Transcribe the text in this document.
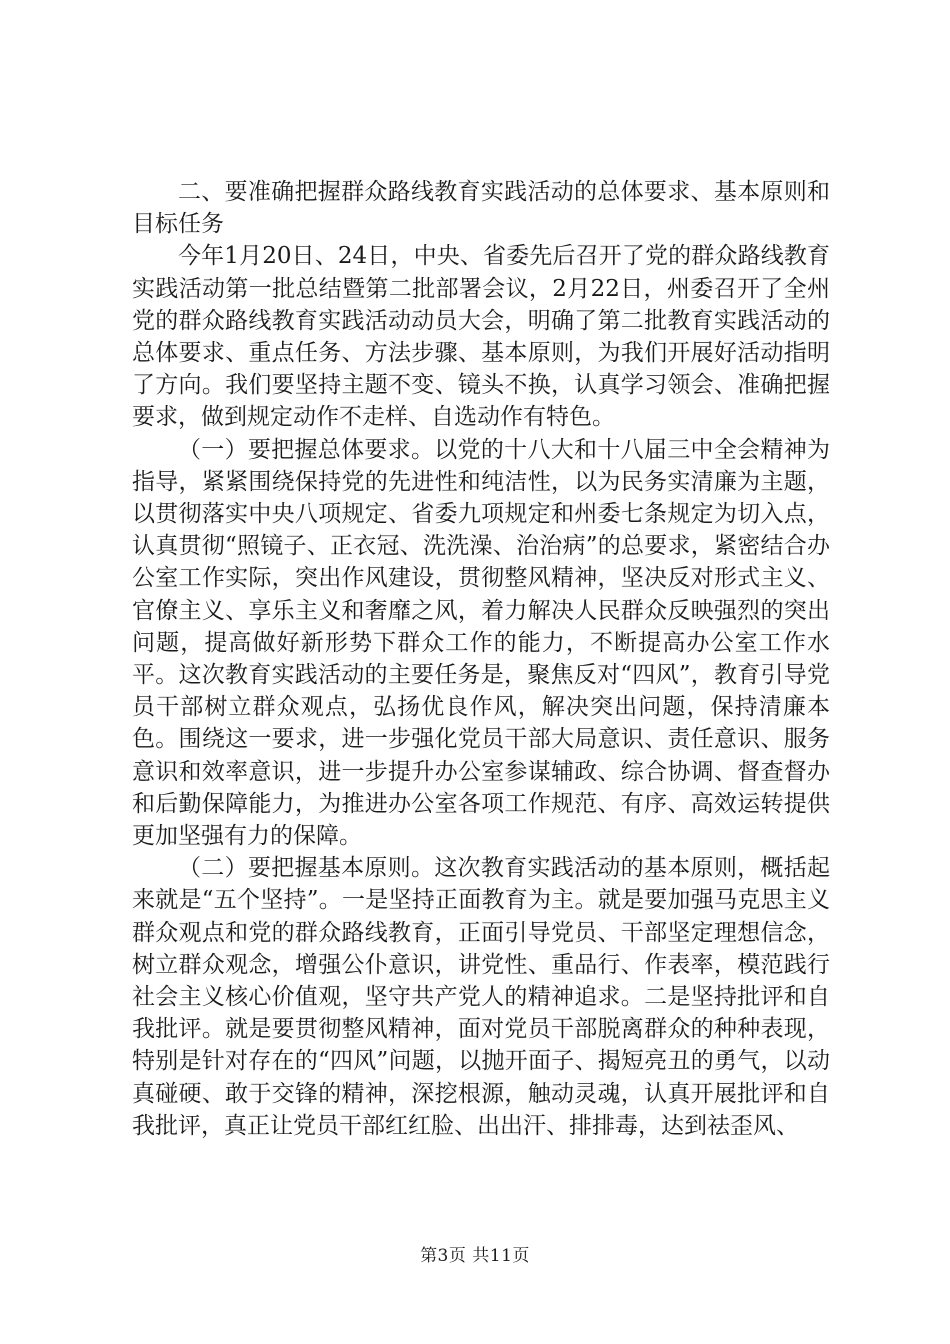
二、要准确把握群众路线教育实践活动的总体要求、基本原则和目标任务

今年1月20日、24日，中央、省委先后召开了党的群众路线教育实践活动第一批总结暨第二批部署会议，2月22日，州委召开了全州党的群众路线教育实践活动动员大会，明确了第二批教育实践活动的总体要求、重点任务、方法步骤、基本原则，为我们开展好活动指明了方向。我们要坚持主题不变、镜头不换，认真学习领会、准确把握要求，做到规定动作不走样、自选动作有特色。

（一）要把握总体要求。以党的十八大和十八届三中全会精神为指导，紧紧围绕保持党的先进性和纯洁性，以为民务实清廉为主题，以贯彻落实中央八项规定、省委九项规定和州委七条规定为切入点，认真贯彻“照镜子、正衣冠、洗洗澡、治治病”的总要求，紧密结合办公室工作实际，突出作风建设，贯彻整风精神，坚决反对形式主义、官僚主义、享乐主义和奢靡之风，着力解决人民群众反映强烈的突出问题，提高做好新形势下群众工作的能力，不断提高办公室工作水平。这次教育实践活动的主要任务是，聚焦反对“四风”，教育引导党员干部树立群众观点，弘扬优良作风，解决突出问题，保持清廉本色。围绕这一要求，进一步强化党员干部大局意识、责任意识、服务意识和效率意识，进一步提升办公室参谋辅政、综合协调、督查督办和后勤保障能力，为推进办公室各项工作规范、有序、高效运转提供更加坚强有力的保障。

（二）要把握基本原则。这次教育实践活动的基本原则，概括起来就是“五个坚持”。一是坚持正面教育为主。就是要加强马克思主义群众观点和党的群众路线教育，正面引导党员、干部坚定理想信念，树立群众观念，增强公仆意识，讲党性、重品行、作表率，模范践行社会主义核心价值观，坚守共产党人的精神追求。二是坚持批评和自我批评。就是要贯彻整风精神，面对党员干部脱离群众的种种表现，特别是针对存在的“四风”问题，以抛开面子、揭短亮丑的勇气，以动真碰硬、敢于交锋的精神，深挖根源，触动灵魂，认真开展批评和自我批评，真正让党员干部红红脸、出出汗、排排毒，达到祛歪风、

第3页 共11页
